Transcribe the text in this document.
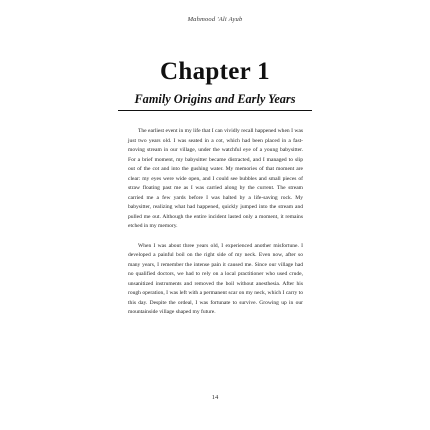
Mahmood 'Ali Ayub
Chapter 1
Family Origins and Early Years

The earliest event in my life that I can vividly recall happened when I was just two years old. I was seated in a cot, which had been placed in a fast-moving stream in our village, under the watchful eye of a young babysitter. For a brief moment, my babysitter became distracted, and I managed to slip out of the cot and into the gushing water. My memories of that moment are clear: my eyes were wide open, and I could see bubbles and small pieces of straw floating past me as I was carried along by the current. The stream carried me a few yards before I was halted by a life-saving rock. My babysitter, realizing what had happened, quickly jumped into the stream and pulled me out. Although the entire incident lasted only a moment, it remains etched in my memory.

When I was about three years old, I experienced another misfortune. I developed a painful boil on the right side of my neck. Even now, after so many years, I remember the intense pain it caused me. Since our village had no qualified doctors, we had to rely on a local practitioner who used crude, unsanitized instruments and removed the boil without anesthesia. After his rough operation, I was left with a permanent scar on my neck, which I carry to this day. Despite the ordeal, I was fortunate to survive. Growing up in our mountainside village shaped my future.

14
